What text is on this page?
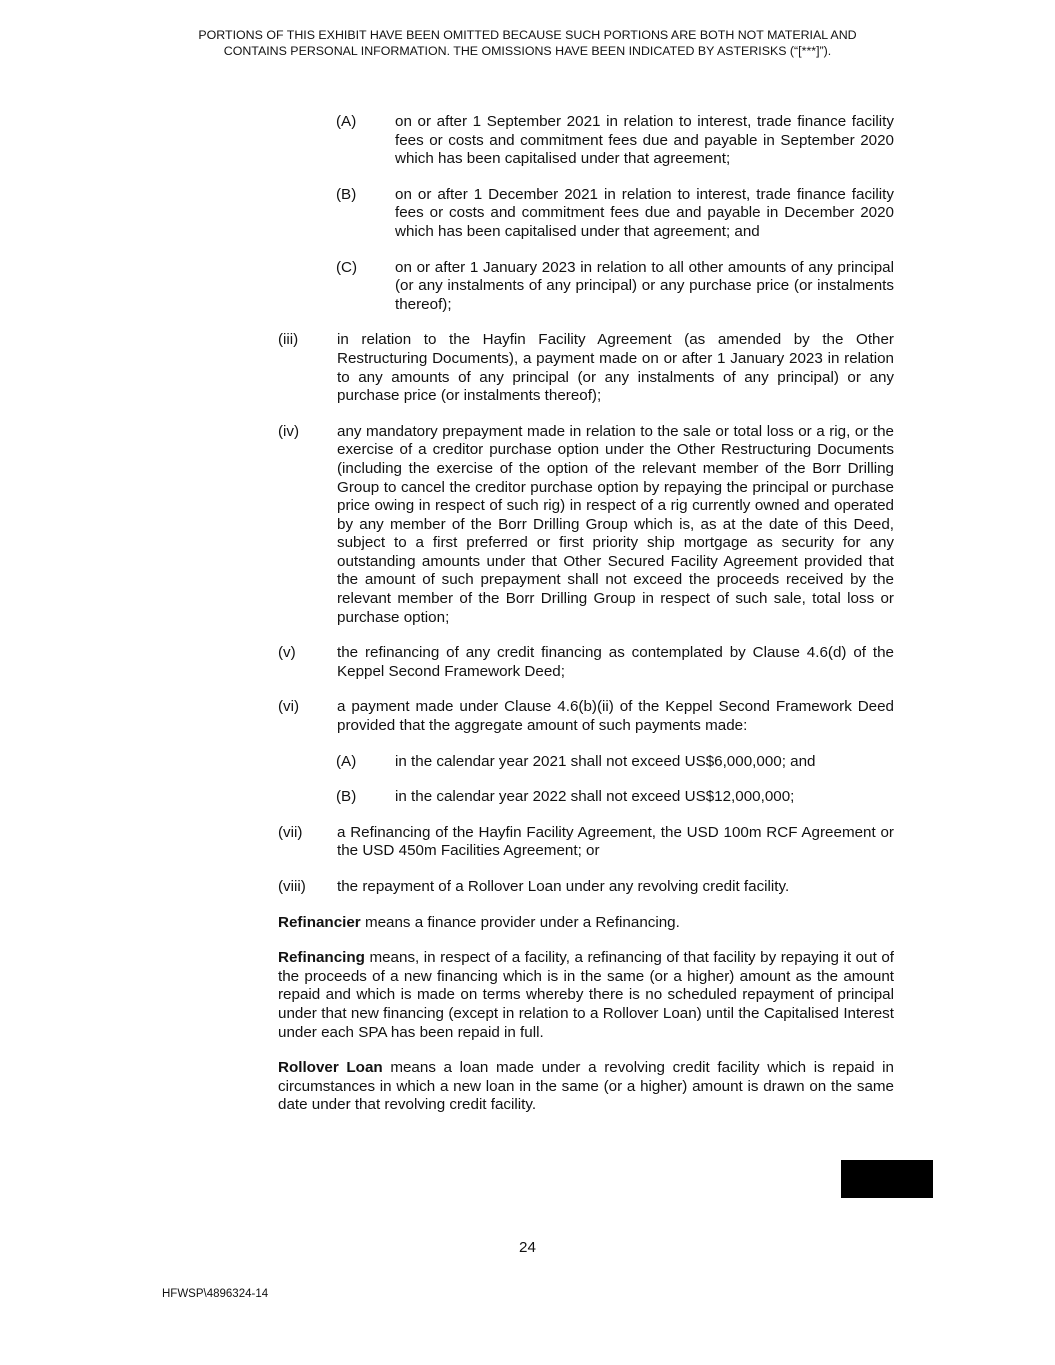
PORTIONS OF THIS EXHIBIT HAVE BEEN OMITTED BECAUSE SUCH PORTIONS ARE BOTH NOT MATERIAL AND
CONTAINS PERSONAL INFORMATION. THE OMISSIONS HAVE BEEN INDICATED BY ASTERISKS (“[***]”).
(A)	on or after 1 September 2021 in relation to interest, trade finance facility fees or costs and commitment fees due and payable in September 2020 which has been capitalised under that agreement;
(B)	on or after 1 December 2021 in relation to interest, trade finance facility fees or costs and commitment fees due and payable in December 2020 which has been capitalised under that agreement; and
(C)	on or after 1 January 2023 in relation to all other amounts of any principal (or any instalments of any principal) or any purchase price (or instalments thereof);
(iii)	in relation to the Hayfin Facility Agreement (as amended by the Other Restructuring Documents), a payment made on or after 1 January 2023 in relation to any amounts of any principal (or any instalments of any principal) or any purchase price (or instalments thereof);
(iv)	any mandatory prepayment made in relation to the sale or total loss or a rig, or the exercise of a creditor purchase option under the Other Restructuring Documents (including the exercise of the option of the relevant member of the Borr Drilling Group to cancel the creditor purchase option by repaying the principal or purchase price owing in respect of such rig) in respect of a rig currently owned and operated by any member of the Borr Drilling Group which is, as at the date of this Deed, subject to a first preferred or first priority ship mortgage as security for any outstanding amounts under that Other Secured Facility Agreement provided that the amount of such prepayment shall not exceed the proceeds received by the relevant member of the Borr Drilling Group in respect of such sale, total loss or purchase option;
(v)	the refinancing of any credit financing as contemplated by Clause 4.6(d) of the Keppel Second Framework Deed;
(vi)	a payment made under Clause 4.6(b)(ii) of the Keppel Second Framework Deed provided that the aggregate amount of such payments made:
(A)	in the calendar year 2021 shall not exceed US$6,000,000; and
(B)	in the calendar year 2022 shall not exceed US$12,000,000;
(vii)	a Refinancing of the Hayfin Facility Agreement, the USD 100m RCF Agreement or the USD 450m Facilities Agreement; or
(viii)	the repayment of a Rollover Loan under any revolving credit facility.
Refinancier means a finance provider under a Refinancing.
Refinancing means, in respect of a facility, a refinancing of that facility by repaying it out of the proceeds of a new financing which is in the same (or a higher) amount as the amount repaid and which is made on terms whereby there is no scheduled repayment of principal under that new financing (except in relation to a Rollover Loan) until the Capitalised Interest under each SPA has been repaid in full.
Rollover Loan means a loan made under a revolving credit facility which is repaid in circumstances in which a new loan in the same (or a higher) amount is drawn on the same date under that revolving credit facility.
24
HFWSP\4896324-14
